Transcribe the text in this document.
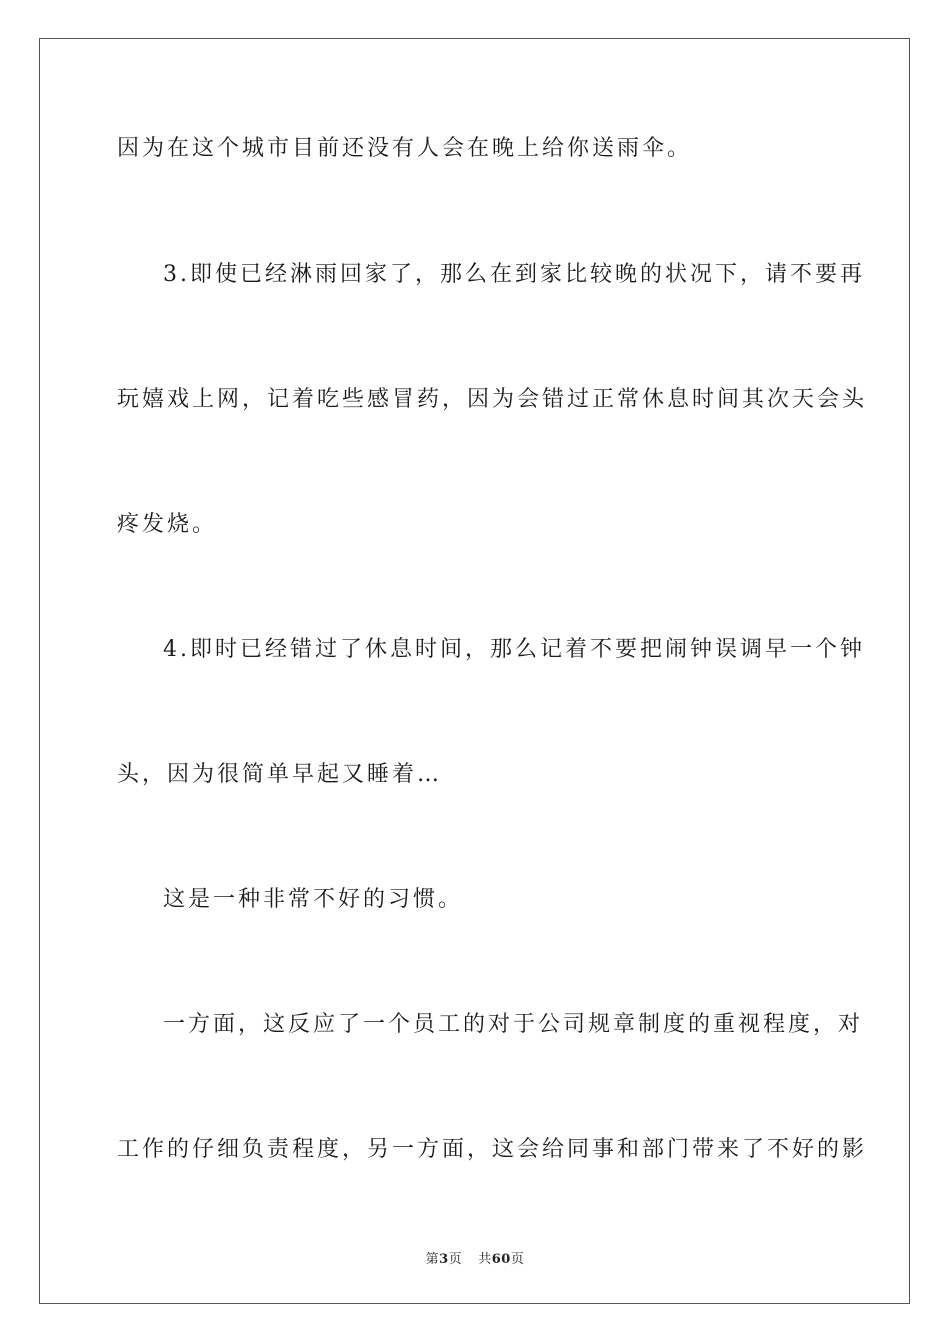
因为在这个城市目前还没有人会在晚上给你送雨伞。
3.即使已经淋雨回家了，那么在到家比较晚的状况下，请不要再
玩嬉戏上网，记着吃些感冒药，因为会错过正常休息时间其次天会头
疼发烧。
4.即时已经错过了休息时间，那么记着不要把闹钟误调早一个钟
头，因为很简单早起又睡着…
这是一种非常不好的习惯。
一方面，这反应了一个员工的对于公司规章制度的重视程度，对
工作的仔细负责程度，另一方面，这会给同事和部门带来了不好的影
第3页 共60页
